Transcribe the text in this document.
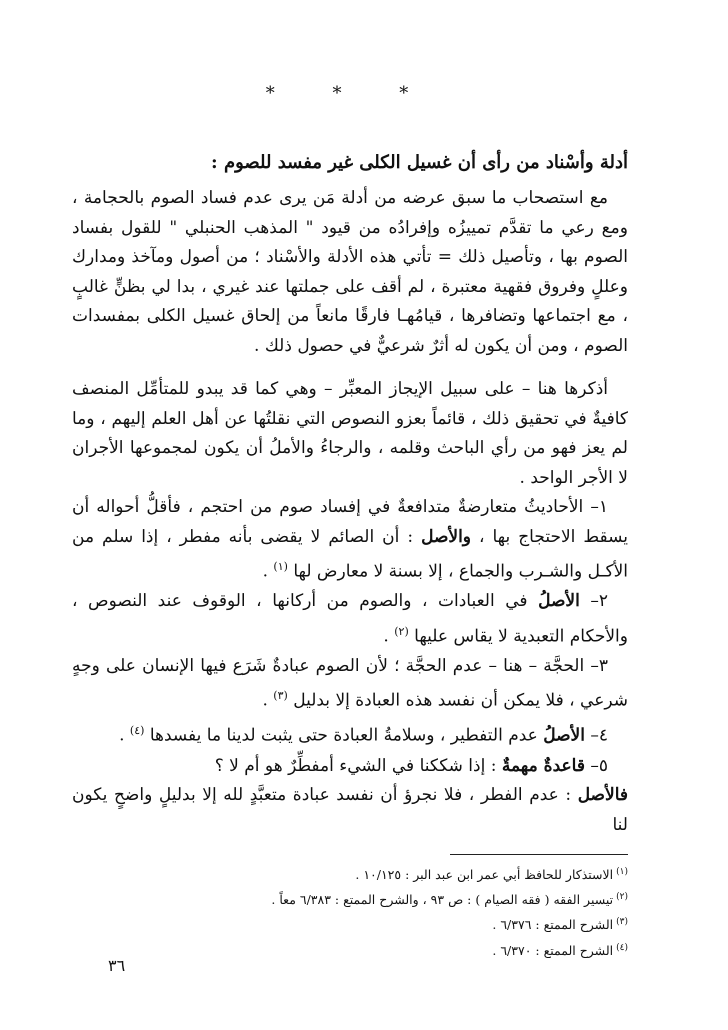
* * *
أدلة وأسْناد من رأى أن غسيل الكلى غير مفسد للصوم :

مع استصحاب ما سبق عرضه من أدلة مَن يرى عدم فساد الصوم بالحجامة ، ومع رعي ما تقدَّم تمييزُه وإفرادُه من قيود " المذهب الحنبلي " للقول بفساد الصوم بها ، وتأصيل ذلك = تأتي هذه الأدلة والأسْناد ؛ من أصول ومآخذ ومدارك وعللٍ وفروق فقهية معتبرة ، لم أقف على جملتها عند غيري ، بدا لي بظنٍّ غالبٍ ، مع اجتماعها وتضافرها ، قيامُهـا فارقًا مانعاً من إلحاق غسيل الكلى بمفسدات الصوم ، ومن أن يكون له أثرٌ شرعيٌّ في حصول ذلك .

أذكرها هنا – على سبيل الإيجاز المعبِّر – وهي كما قد يبدو للمتأمِّل المنصف كافيةٌ في تحقيق ذلك ، قائماً بعزو النصوص التي نقلتُها عن أهل العلم إليهم ، وما لم يعز فهو من رأي الباحث وقلمه ، والرجاءُ والأملُ أن يكون لمجموعها الأجران لا الأجر الواحد .

١– الأحاديثُ متعارضةٌ متدافعةٌ في إفساد صوم من احتجم ، فأقلُّ أحواله أن يسقط الاحتجاج بها ، والأصل : أن الصائم لا يقضى بأنه مفطر ، إذا سلم من الأكـل والشـرب والجماع ، إلا بسنة لا معارض لها $^{(١)}$ .

٢– الأصلُ في العبادات ، والصوم من أركانها ، الوقوف عند النصوص ، والأحكام التعبدية لا يقاس عليها $^{(٢)}$ .

٣– الحجَّة – هنا – عدم الحجَّة ؛ لأن الصوم عبادةٌ شَرَع فيها الإنسان على وجهٍ شرعي ، فلا يمكن أن نفسد هذه العبادة إلا بدليل $^{(٣)}$ .

٤– الأصلُ عدم التفطير ، وسلامةُ العبادة حتى يثبت لدينا ما يفسدها $^{(٤)}$ .

٥– قاعدةٌ مهمةٌ : إذا شككنا في الشيء أمفطِّرٌ هو أم لا ؟

فالأصل : عدم الفطر ، فلا نجرؤ أن نفسد عبادة متعبَّدٍ لله إلا بدليلٍ واضحٍ يكون لنا

$^{(١)}$الاستذكار للحافظ أبي عمر ابن عبد البر : ١٠/١٢٥ .

$^{(٢)}$تيسير الفقه ( فقه الصيام ) : ص ٩٣ ، والشرح الممتع : ٦/٣٨٣ معاً .

$^{(٣)}$الشرح الممتع : ٦/٣٧٦ .

$^{(٤)}$الشرح الممتع : ٦/٣٧٠ .

٣٦
